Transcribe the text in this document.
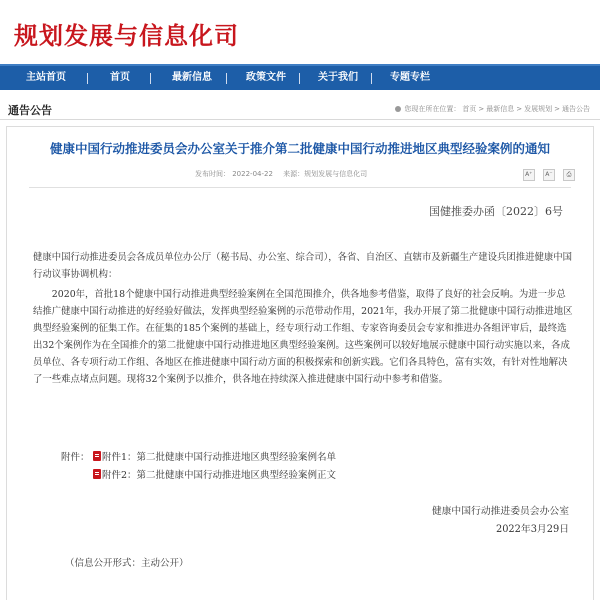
规划发展与信息化司
主站首页	首页	最新信息	政策文件	关于我们	专题专栏
通告公告	您现在所在位置： 首页 > 最新信息 > 发展规划 > 通告公告
健康中国行动推进委员会办公室关于推介第二批健康中国行动推进地区典型经验案例的通知
发布时间： 2022-04-22 来源：规划发展与信息化司	A⁺ A⁻ ⎙
国健推委办函〔2022〕6号
健康中国行动推进委员会各成员单位办公厅（秘书局、办公室、综合司），各省、自治区、直辖市及新疆生产建设兵团推进健康中国行动议事协调机构：
2020年，首批18个健康中国行动推进典型经验案例在全国范围推介，供各地参考借鉴，取得了良好的社会反响。为进一步总结推广健康中国行动推进的好经验好做法，发挥典型经验案例的示范带动作用，2021年，我办开展了第二批健康中国行动推进地区典型经验案例的征集工作。在征集的185个案例的基础上，经专项行动工作组、专家咨询委员会专家和推进办各组评审后，最终选出32个案例作为在全国推介的第二批健康中国行动推进地区典型经验案例。这些案例可以较好地展示健康中国行动实施以来，各成员单位、各专项行动工作组、各地区在推进健康中国行动方面的积极探索和创新实践。它们各具特色，富有实效，有针对性地解决了一些难点堵点问题。现将32个案例予以推介，供各地在持续深入推进健康中国行动中参考和借鉴。
附件：	附件1：第二批健康中国行动推进地区典型经验案例名单
附件2：第二批健康中国行动推进地区典型经验案例正文
健康中国行动推进委员会办公室
2022年3月29日
（信息公开形式：主动公开）
